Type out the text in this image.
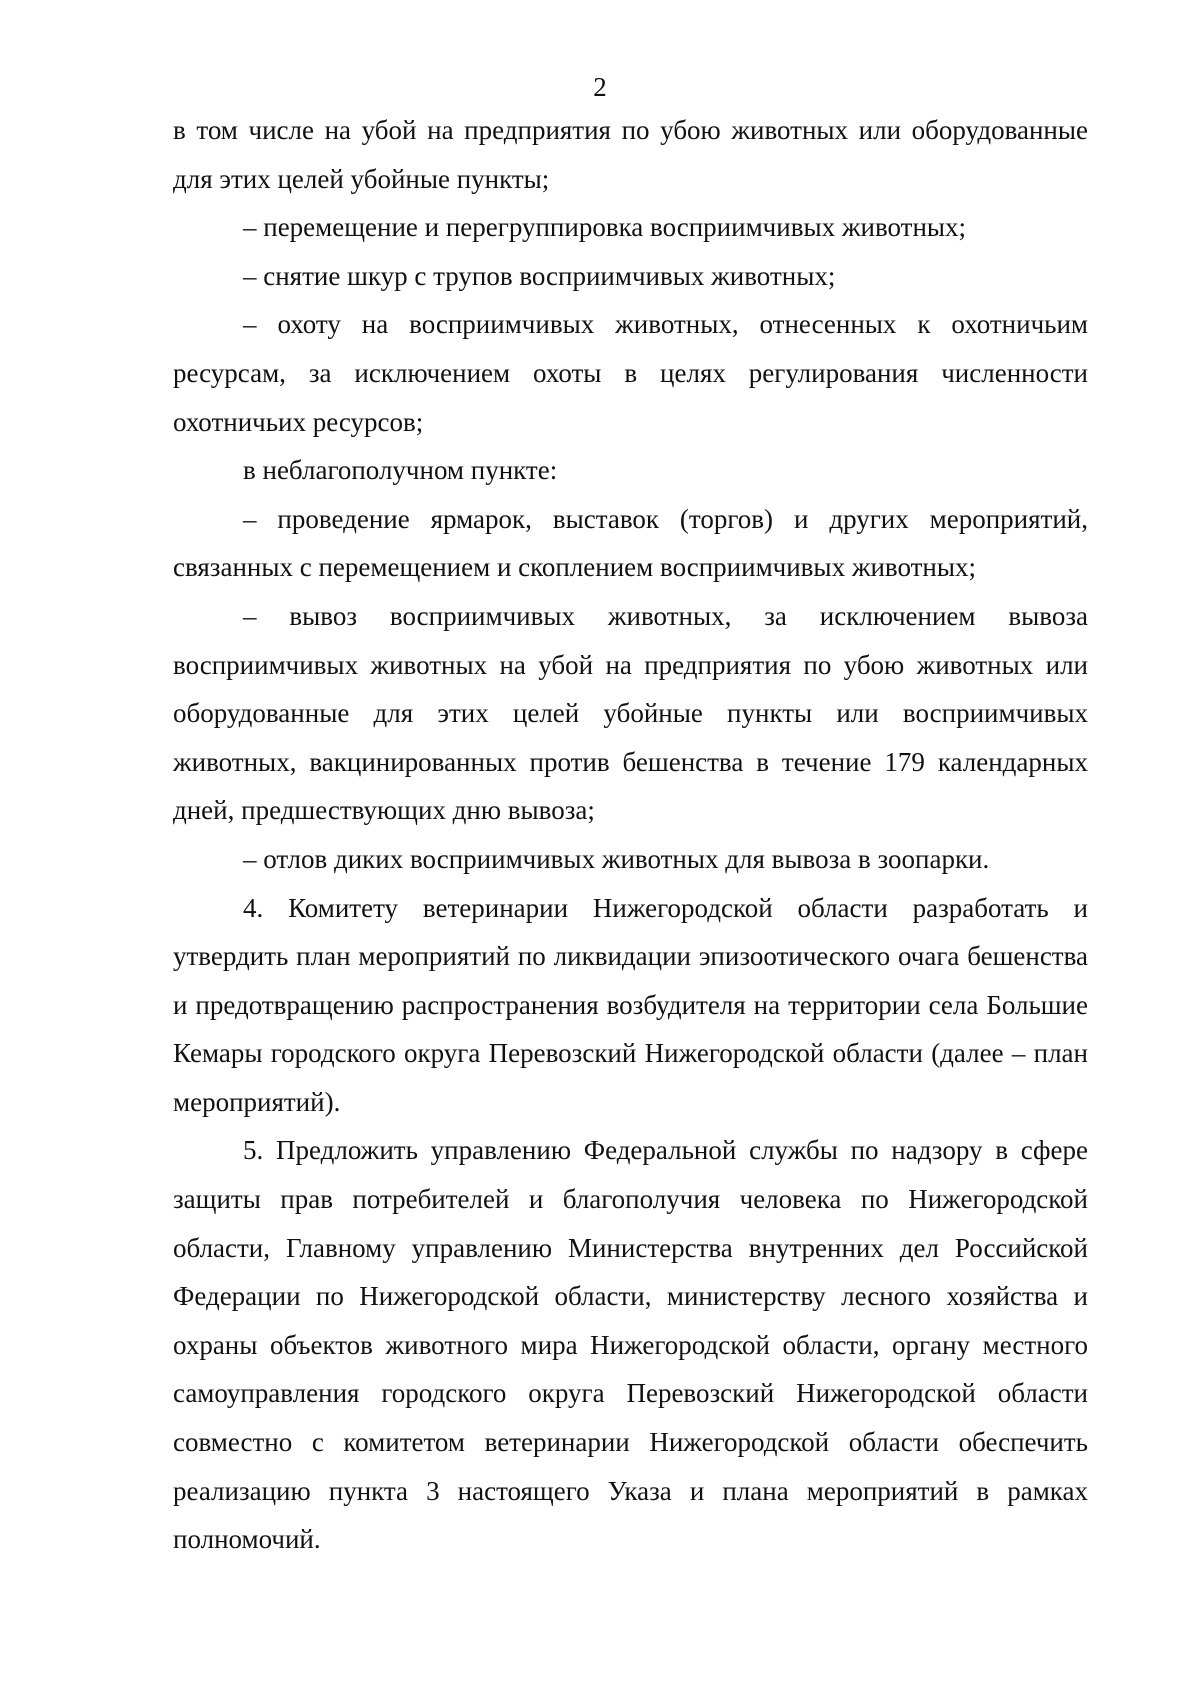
2

в том числе на убой на предприятия по убою животных или оборудованные для этих целей убойные пункты;

– перемещение и перегруппировка восприимчивых животных;

– снятие шкур с трупов восприимчивых животных;

– охоту на восприимчивых животных, отнесенных к охотничьим ресурсам, за исключением охоты в целях регулирования численности охотничьих ресурсов;

в неблагополучном пункте:

– проведение ярмарок, выставок (торгов) и других мероприятий, связанных с перемещением и скоплением восприимчивых животных;

– вывоз восприимчивых животных, за исключением вывоза восприимчивых животных на убой на предприятия по убою животных или оборудованные для этих целей убойные пункты или восприимчивых животных, вакцинированных против бешенства в течение 179 календарных дней, предшествующих дню вывоза;

– отлов диких восприимчивых животных для вывоза в зоопарки.

4. Комитету ветеринарии Нижегородской области разработать и утвердить план мероприятий по ликвидации эпизоотического очага бешенства и предотвращению распространения возбудителя на территории села Большие Кемары городского округа Перевозский Нижегородской области (далее – план мероприятий).

5. Предложить управлению Федеральной службы по надзору в сфере защиты прав потребителей и благополучия человека по Нижегородской области, Главному управлению Министерства внутренних дел Российской Федерации по Нижегородской области, министерству лесного хозяйства и охраны объектов животного мира Нижегородской области, органу местного самоуправления городского округа Перевозский Нижегородской области совместно с комитетом ветеринарии Нижегородской области обеспечить реализацию пункта 3 настоящего Указа и плана мероприятий в рамках полномочий.
